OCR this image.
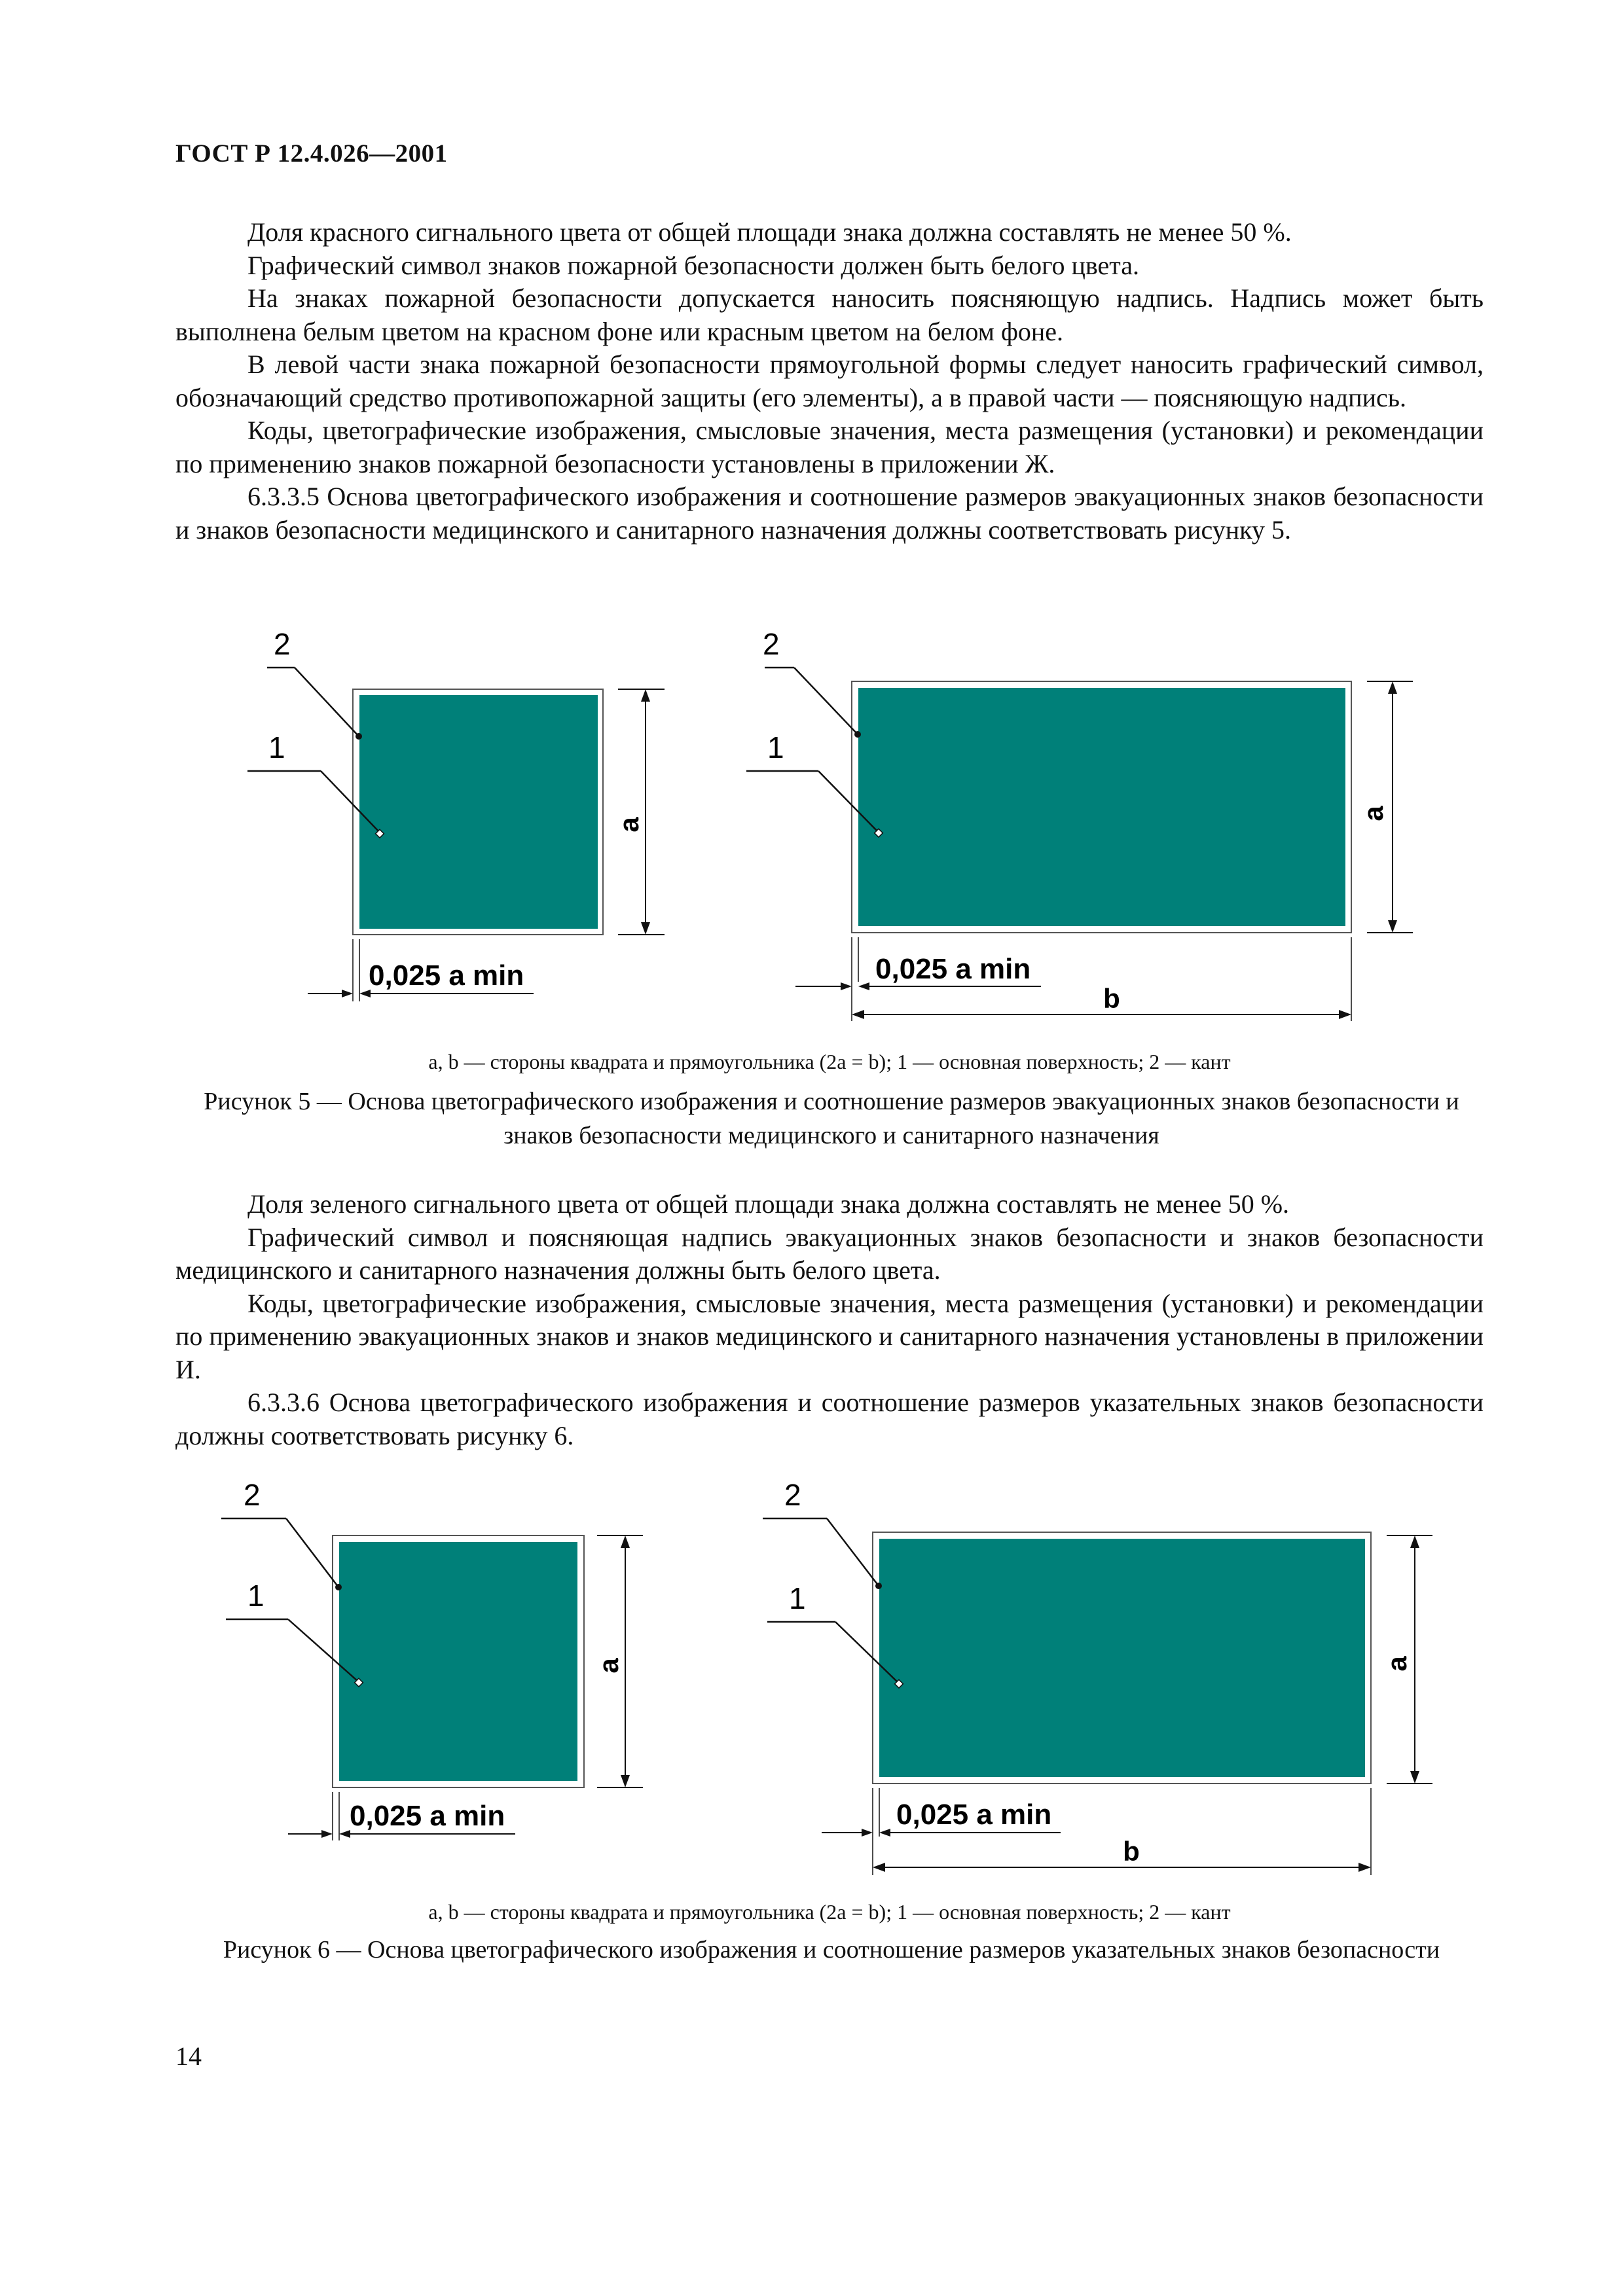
ГОСТ Р 12.4.026—2001

Доля красного сигнального цвета от общей площади знака должна составлять не менее 50 %.

Графический символ знаков пожарной безопасности должен быть белого цвета.

На знаках пожарной безопасности допускается наносить поясняющую надпись. Надпись может быть выполнена белым цветом на красном фоне или красным цветом на белом фоне.

В левой части знака пожарной безопасности прямоугольной формы следует наносить графический символ, обозначающий средство противопожарной защиты (его элементы), а в правой части — поясняющую надпись.

Коды, цветографические изображения, смысловые значения, места размещения (установки) и рекомендации по применению знаков пожарной безопасности установлены в приложении Ж.

6.3.3.5 Основа цветографического изображения и соотношение размеров эвакуационных знаков безопасности и знаков безопасности медицинского и санитарного назначения должны соответствовать рисунку 5.

2
1
a
0,025 a min
2
1
a
0,025 a min
b
a, b — стороны квадрата и прямоугольника (2a = b); 1 — основная поверхность; 2 — кант
Рисунок 5 — Основа цветографического изображения и соотношение размеров эвакуационных знаков безопасности и знаков безопасности медицинского и санитарного назначения

Доля зеленого сигнального цвета от общей площади знака должна составлять не менее 50 %.

Графический символ и поясняющая надпись эвакуационных знаков безопасности и знаков безопасности медицинского и санитарного назначения должны быть белого цвета.

Коды, цветографические изображения, смысловые значения, места размещения (установки) и рекомендации по применению эвакуационных знаков и знаков медицинского и санитарного назначения установлены в приложении И.

6.3.3.6 Основа цветографического изображения и соотношение размеров указательных знаков безопасности должны соответствовать рисунку 6.

2
1
a
0,025 a min
2
1
a
0,025 a min
b
a, b — стороны квадрата и прямоугольника (2a = b); 1 — основная поверхность; 2 — кант
Рисунок 6 — Основа цветографического изображения и соотношение размеров указательных знаков безопасности
14
